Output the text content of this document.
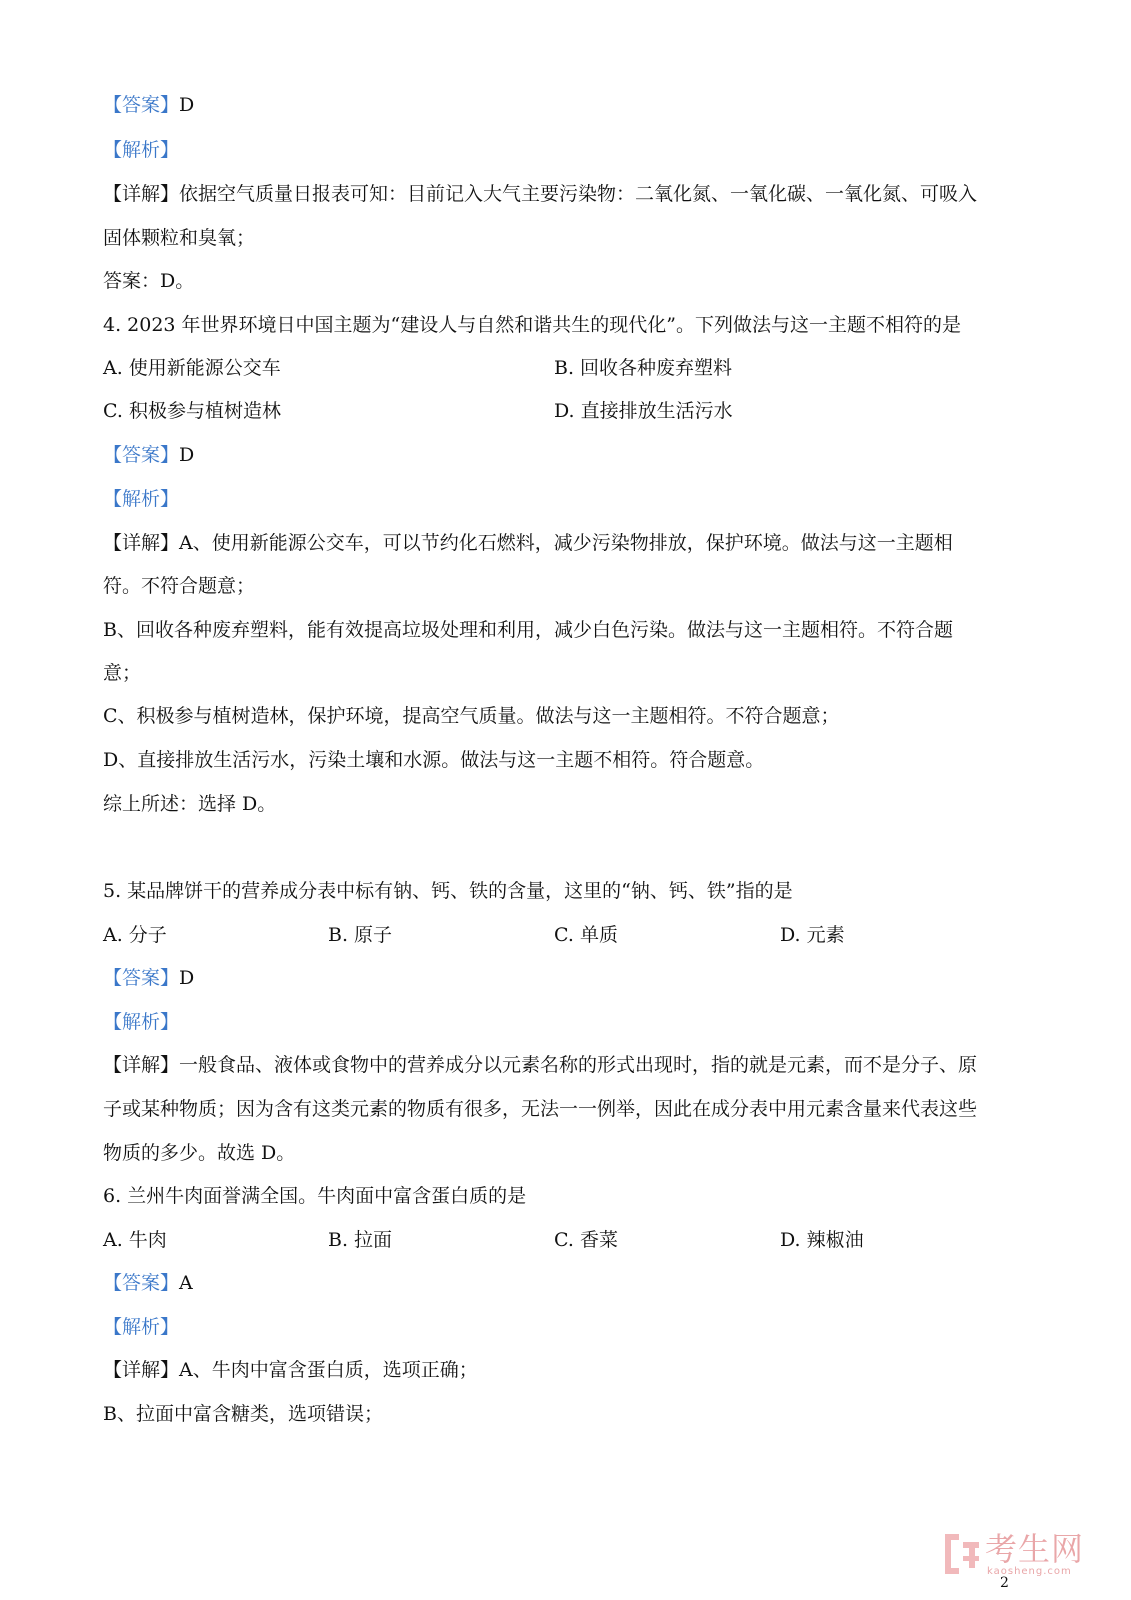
【答案】D
【解析】
【详解】依据空气质量日报表可知：目前记入大气主要污染物：二氧化氮、一氧化碳、一氧化氮、可吸入
固体颗粒和臭氧；
答案：D。
4. 2023 年世界环境日中国主题为“建设人与自然和谐共生的现代化”。下列做法与这一主题不相符的是
A. 使用新能源公交车	B. 回收各种废弃塑料
C. 积极参与植树造林	D. 直接排放生活污水
【答案】D
【解析】
【详解】A、使用新能源公交车，可以节约化石燃料，减少污染物排放，保护环境。做法与这一主题相
符。不符合题意；
B、回收各种废弃塑料，能有效提高垃圾处理和利用，减少白色污染。做法与这一主题相符。不符合题
意；
C、积极参与植树造林，保护环境，提高空气质量。做法与这一主题相符。不符合题意；
D、直接排放生活污水，污染土壤和水源。做法与这一主题不相符。符合题意。
综上所述：选择 D。
5. 某品牌饼干的营养成分表中标有钠、钙、铁的含量，这里的“钠、钙、铁”指的是
A. 分子	B. 原子	C. 单质	D. 元素
【答案】D
【解析】
【详解】一般食品、液体或食物中的营养成分以元素名称的形式出现时，指的就是元素，而不是分子、原
子或某种物质；因为含有这类元素的物质有很多，无法一一例举，因此在成分表中用元素含量来代表这些
物质的多少。故选 D。
6. 兰州牛肉面誉满全国。牛肉面中富含蛋白质的是
A. 牛肉	B. 拉面	C. 香菜	D. 辣椒油
【答案】A
【解析】
【详解】A、牛肉中富含蛋白质，选项正确；
B、拉面中富含糖类，选项错误；
考生网
kaosheng.com
2
